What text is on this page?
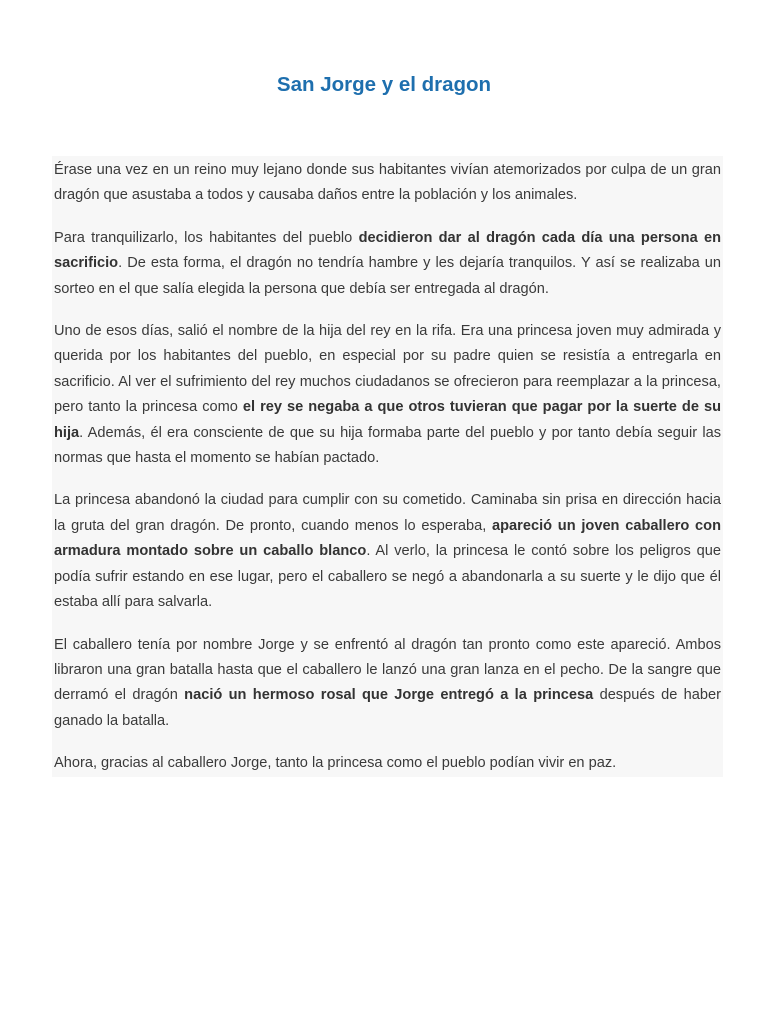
San Jorge y el dragon

Érase una vez en un reino muy lejano donde sus habitantes vivían atemorizados por culpa de un gran dragón que asustaba a todos y causaba daños entre la población y los animales.

Para tranquilizarlo, los habitantes del pueblo decidieron dar al dragón cada día una persona en sacrificio. De esta forma, el dragón no tendría hambre y les dejaría tranquilos. Y así se realizaba un sorteo en el que salía elegida la persona que debía ser entregada al dragón.

Uno de esos días, salió el nombre de la hija del rey en la rifa. Era una princesa joven muy admirada y querida por los habitantes del pueblo, en especial por su padre quien se resistía a entregarla en sacrificio. Al ver el sufrimiento del rey muchos ciudadanos se ofrecieron para reemplazar a la princesa, pero tanto la princesa como el rey se negaba a que otros tuvieran que pagar por la suerte de su hija. Además, él era consciente de que su hija formaba parte del pueblo y por tanto debía seguir las normas que hasta el momento se habían pactado.

La princesa abandonó la ciudad para cumplir con su cometido. Caminaba sin prisa en dirección hacia la gruta del gran dragón. De pronto, cuando menos lo esperaba, apareció un joven caballero con armadura montado sobre un caballo blanco. Al verlo, la princesa le contó sobre los peligros que podía sufrir estando en ese lugar, pero el caballero se negó a abandonarla a su suerte y le dijo que él estaba allí para salvarla.

El caballero tenía por nombre Jorge y se enfrentó al dragón tan pronto como este apareció. Ambos libraron una gran batalla hasta que el caballero le lanzó una gran lanza en el pecho. De la sangre que derramó el dragón nació un hermoso rosal que Jorge entregó a la princesa después de haber ganado la batalla.

Ahora, gracias al caballero Jorge, tanto la princesa como el pueblo podían vivir en paz.
